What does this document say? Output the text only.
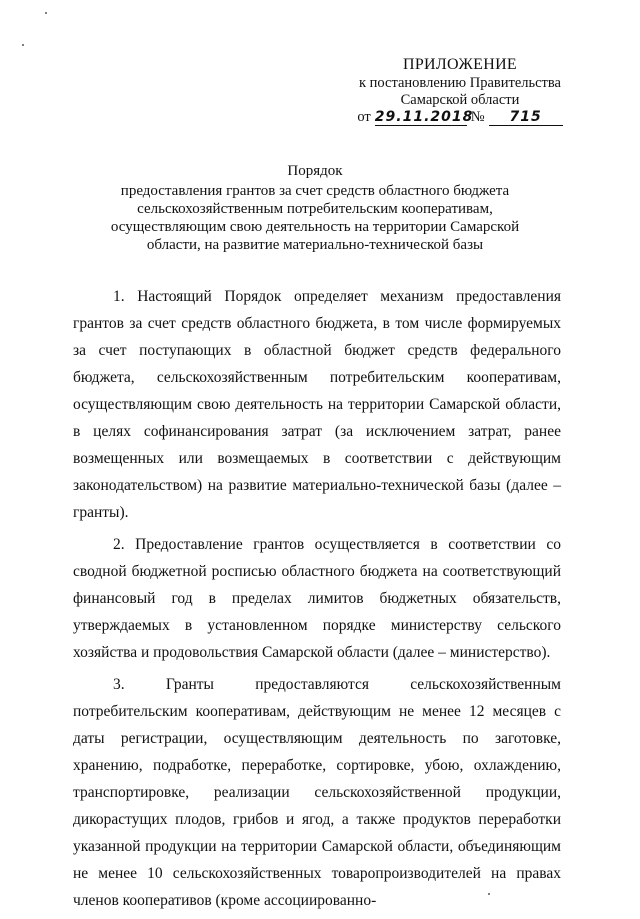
ПРИЛОЖЕНИЕ
к постановлению Правительства
Самарской области
от 29.11.2018
№	715
Порядок
предоставления грантов за счет средств областного бюджета сельскохозяйственным потребительским кооперативам, осуществляющим свою деятельность на территории Самарской области, на развитие материально-технической базы

1. Настоящий Порядок определяет механизм предоставления грантов за счет средств областного бюджета, в том числе формируемых за счет поступающих в областной бюджет средств федерального бюджета, сельскохозяйственным потребительским кооперативам, осуществляющим свою деятельность на территории Самарской области, в целях софинансирования затрат (за исключением затрат, ранее возмещенных или возмещаемых в соответствии с действующим законодательством) на развитие материально-технической базы (далее – гранты).

2. Предоставление грантов осуществляется в соответствии со сводной бюджетной росписью областного бюджета на соответствующий финансовый год в пределах лимитов бюджетных обязательств, утверждаемых в установленном порядке министерству сельского хозяйства и продовольствия Самарской области (далее – министерство).

3. Гранты предоставляются сельскохозяйственным потребительским кооперативам, действующим не менее 12 месяцев с даты регистрации, осуществляющим деятельность по заготовке, хранению, подработке, переработке, сортировке, убою, охлаждению, транспортировке, реализации сельскохозяйственной продукции, дикорастущих плодов, грибов и ягод, а также продуктов переработки указанной продукции на территории Самарской области, объединяющим не менее 10 сельскохозяйственных товаропроизводителей на правах членов кооперативов (кроме ассоциированно-
